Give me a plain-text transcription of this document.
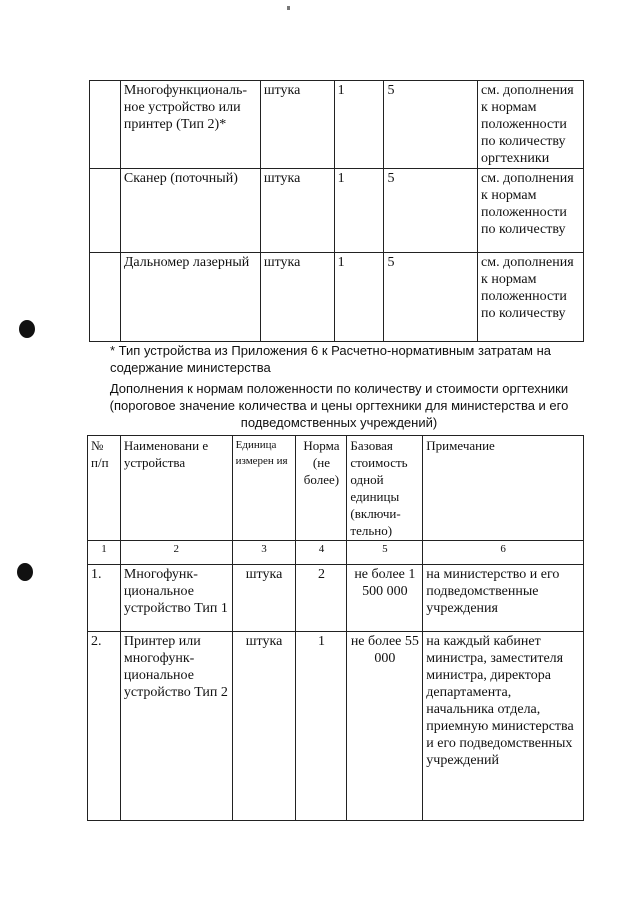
	Многофункциональ-ное устройство или принтер (Тип 2)*	штука	1	5	см. дополнения к нормам положенности по количеству оргтехники
	Сканер (поточный)	штука	1	5	см. дополнения к нормам положенности по количеству
	Дальномер лазерный	штука	1	5	см. дополнения к нормам положенности по количеству
* Тип устройства из Приложения 6 к Расчетно-нормативным затратам на содержание министерства
Дополнения к нормам положенности по количеству и стоимости оргтехники (пороговое значение количества и цены оргтехники для министерства и его подведомственных учреждений)
№ п/п	Наименовани е устройства	Единица измерен ия	Норма (не более)	Базовая стоимость одной единицы (включи-тельно)	Примечание
1	2	3	4	5	6
1.	Многофунк-циональное устройство Тип 1	штука	2	не более 1 500 000	на министерство и его подведомственные учреждения
2.	Принтер или многофунк-циональное устройство Тип 2	штука	1	не более 55 000	на каждый кабинет министра, заместителя министра, директора департамента, начальника отдела, приемную министерства и его подведомственных учреждений
